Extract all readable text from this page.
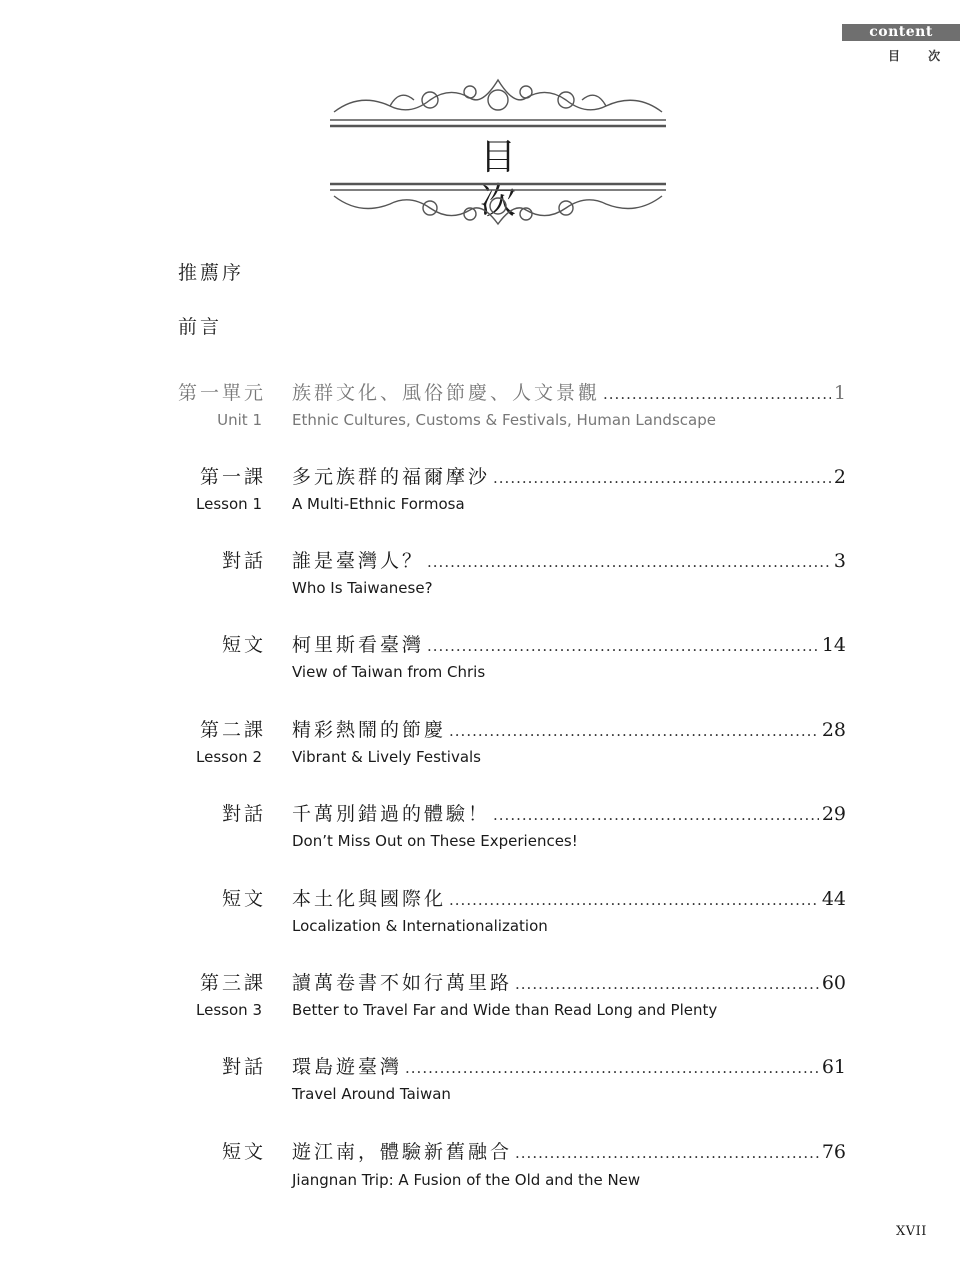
content
目 次
目 次
推薦序
前言
第一單元
Unit 1
族群文化、風俗節慶、人文景觀 .....	1
Ethnic Cultures, Customs & Festivals, Human Landscape
第一課
Lesson 1
多元族群的福爾摩沙 .....	2
A Multi-Ethnic Formosa
對話 誰是臺灣人？ .....	3
Who Is Taiwanese?
短文 柯里斯看臺灣 .....	14
View of Taiwan from Chris
第二課
Lesson 2
精彩熱鬧的節慶 .....	28
Vibrant & Lively Festivals
對話 千萬別錯過的體驗！ .....	29
Don’t Miss Out on These Experiences!
短文 本土化與國際化 .....	44
Localization & Internationalization
第三課
Lesson 3
讀萬卷書不如行萬里路 .....	60
Better to Travel Far and Wide than Read Long and Plenty
對話 環島遊臺灣 .....	61
Travel Around Taiwan
短文 遊江南，體驗新舊融合 .....	76
Jiangnan Trip: A Fusion of the Old and the New
XVII
